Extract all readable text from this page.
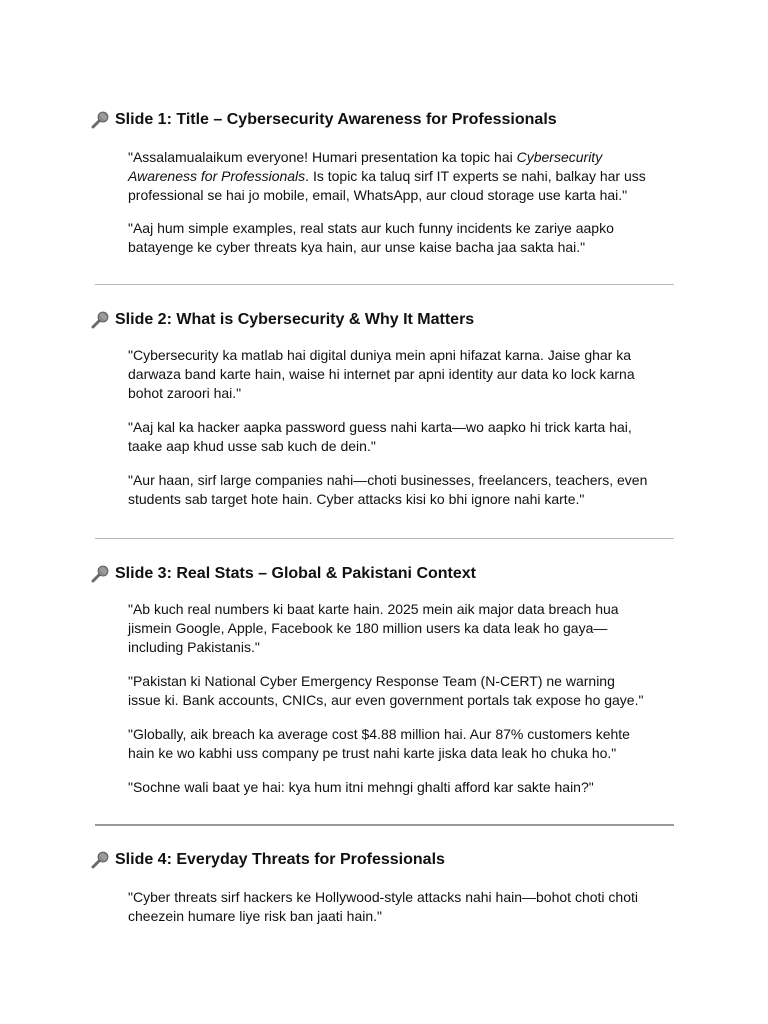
Slide 1: Title – Cybersecurity Awareness for Professionals

"Assalamualaikum everyone! Humari presentation ka topic hai Cybersecurity Awareness for Professionals. Is topic ka taluq sirf IT experts se nahi, balkay har uss professional se hai jo mobile, email, WhatsApp, aur cloud storage use karta hai."

"Aaj hum simple examples, real stats aur kuch funny incidents ke zariye aapko batayenge ke cyber threats kya hain, aur unse kaise bacha jaa sakta hai."

Slide 2: What is Cybersecurity & Why It Matters

"Cybersecurity ka matlab hai digital duniya mein apni hifazat karna. Jaise ghar ka darwaza band karte hain, waise hi internet par apni identity aur data ko lock karna bohot zaroori hai."

"Aaj kal ka hacker aapka password guess nahi karta—wo aapko hi trick karta hai, taake aap khud usse sab kuch de dein."

"Aur haan, sirf large companies nahi—choti businesses, freelancers, teachers, even students sab target hote hain. Cyber attacks kisi ko bhi ignore nahi karte."

Slide 3: Real Stats – Global & Pakistani Context

"Ab kuch real numbers ki baat karte hain. 2025 mein aik major data breach hua jismein Google, Apple, Facebook ke 180 million users ka data leak ho gaya—including Pakistanis."

"Pakistan ki National Cyber Emergency Response Team (N-CERT) ne warning issue ki. Bank accounts, CNICs, aur even government portals tak expose ho gaye."

"Globally, aik breach ka average cost $4.88 million hai. Aur 87% customers kehte hain ke wo kabhi uss company pe trust nahi karte jiska data leak ho chuka ho."

"Sochne wali baat ye hai: kya hum itni mehngi ghalti afford kar sakte hain?"

Slide 4: Everyday Threats for Professionals

"Cyber threats sirf hackers ke Hollywood-style attacks nahi hain—bohot choti choti cheezein humare liye risk ban jaati hain."
